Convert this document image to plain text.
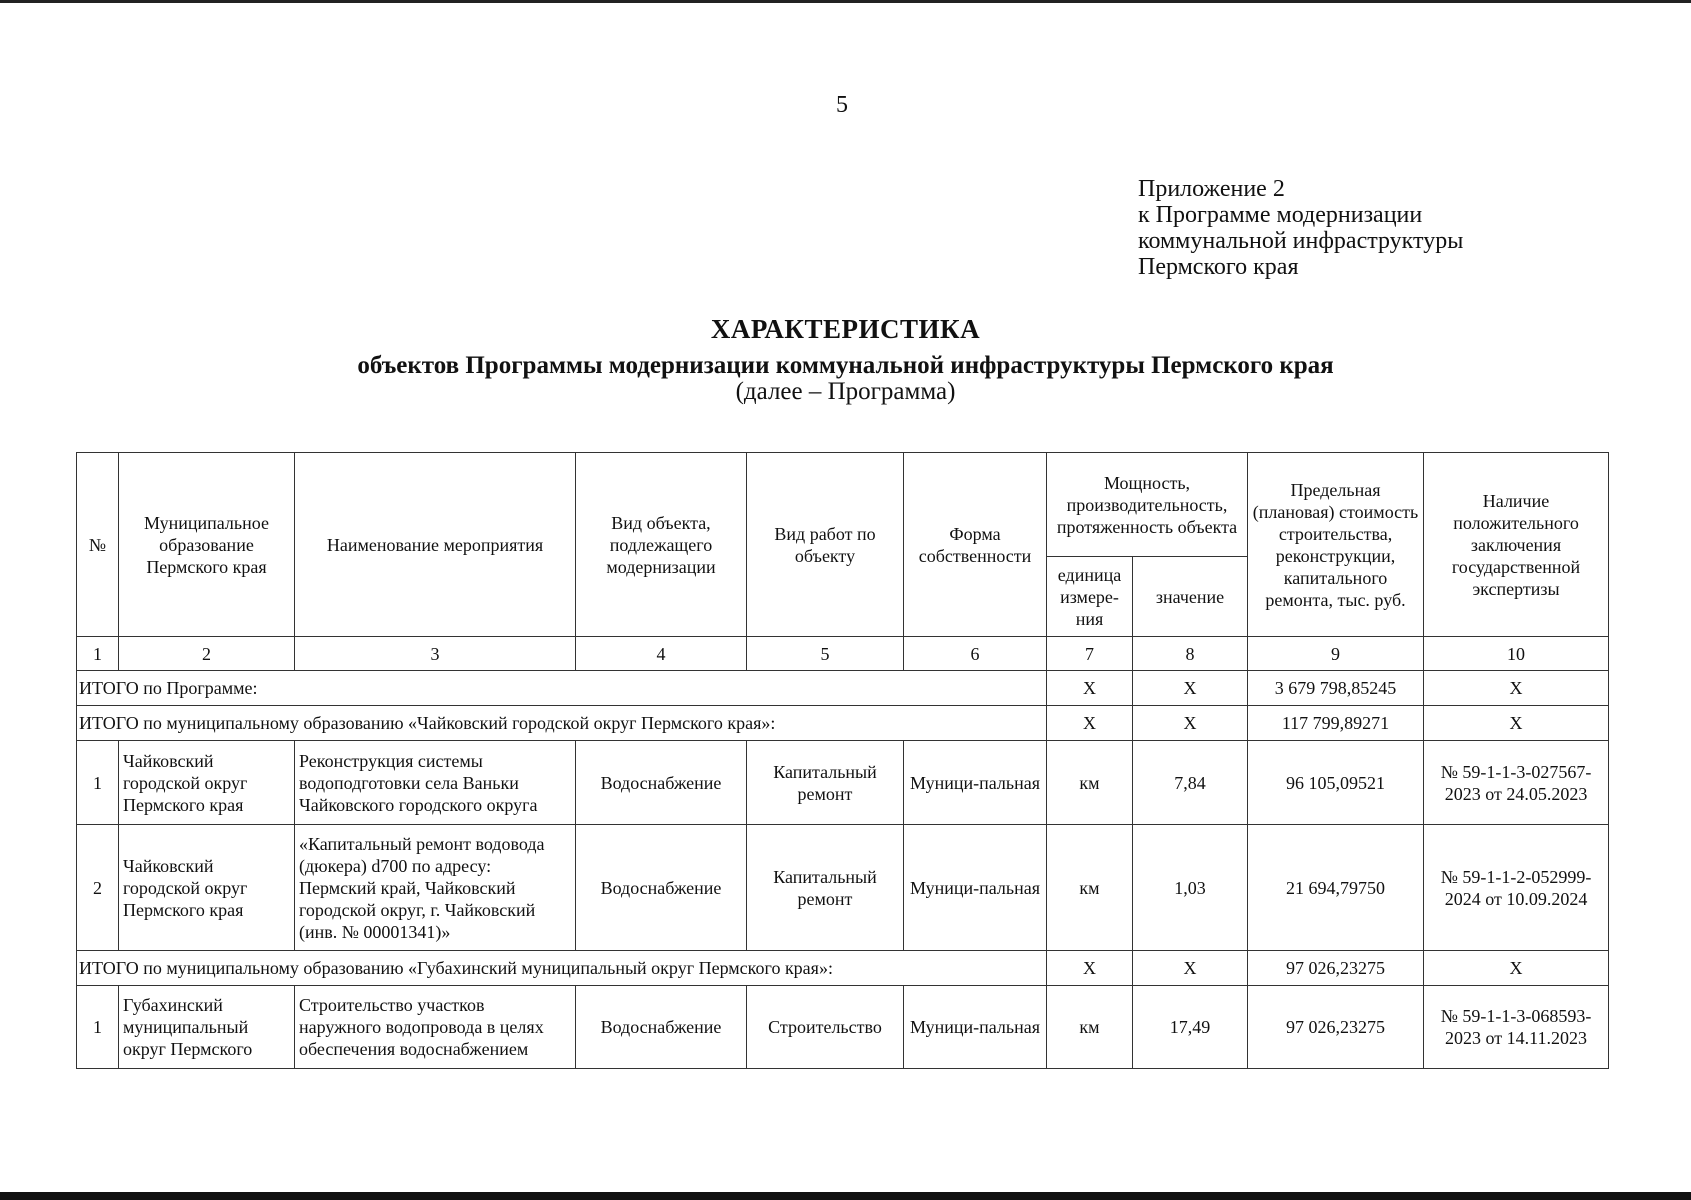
5
Приложение 2
к Программе модернизации
коммунальной инфраструктуры
Пермского края
ХАРАКТЕРИСТИКА
объектов Программы модернизации коммунальной инфраструктуры Пермского края
(далее – Программа)
№	Муниципальное образование Пермского края	Наименование мероприятия	Вид объекта, подлежащего модернизации	Вид работ по объекту	Форма собственности	Мощность, производительность, протяженность объекта		Предельная (плановая) стоимость строительства, реконструкции, капитального ремонта, тыс. руб.	Наличие положительного заключения государственной экспертизы
						единица измере-ния	значение		
1	2	3	4	5	6	7	8	9	10
ИТОГО по Программе:						Х	Х	3 679 798,85245	Х
ИТОГО по муниципальному образованию «Чайковский городской округ Пермского края»:						Х	Х	117 799,89271	Х
1	Чайковский городской округ Пермского края	Реконструкция системы водоподготовки села Ваньки Чайковского городского округа	Водоснабжение	Капитальный ремонт	Муници-пальная	км	7,84	96 105,09521	№ 59-1-1-3-027567-2023 от 24.05.2023
2	Чайковский городской округ Пермского края	«Капитальный ремонт водовода (дюкера) d700 по адресу: Пермский край, Чайковский городской округ, г. Чайковский (инв. № 00001341)»	Водоснабжение	Капитальный ремонт	Муници-пальная	км	1,03	21 694,79750	№ 59-1-1-2-052999-2024 от 10.09.2024
ИТОГО по муниципальному образованию «Губахинский муниципальный округ Пермского края»:						Х	Х	97 026,23275	Х
1	Губахинский муниципальный округ Пермского	Строительство участков наружного водопровода в целях обеспечения водоснабжением	Водоснабжение	Строительство	Муници-пальная	км	17,49	97 026,23275	№ 59-1-1-3-068593-2023 от 14.11.2023
